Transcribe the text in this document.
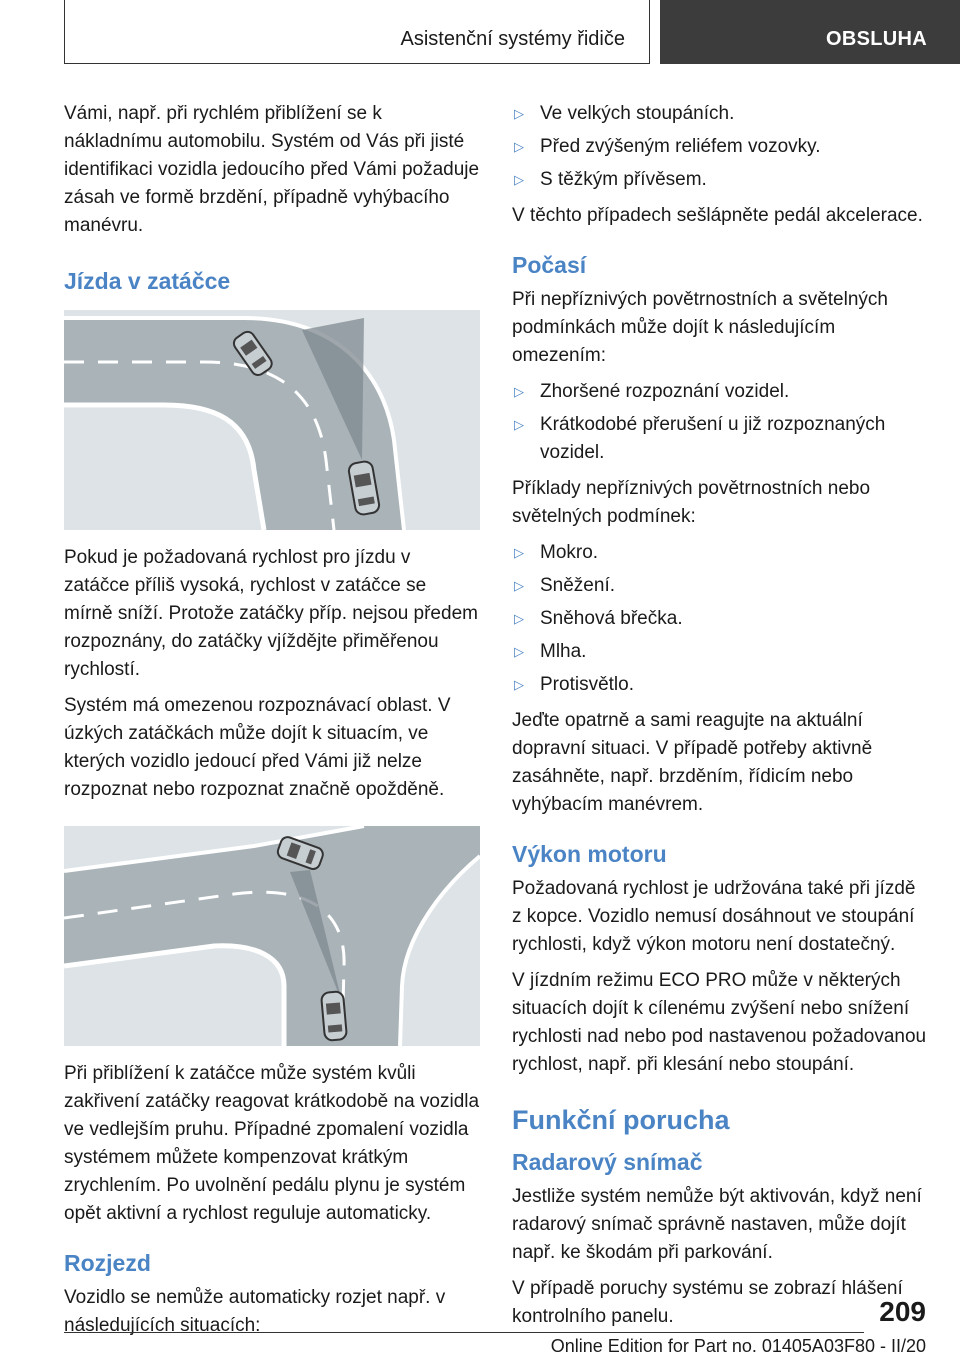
Asistenční systémy řidiče	OBSLUHA

Vámi, např. při rychlém přiblížení se k nákladnímu automobilu. Systém od Vás při jisté identifikaci vozidla jedoucího před Vámi požaduje zásah ve formě brzdění, případně vyhýbacího manévru.

Jízda v zatáčce

Pokud je požadovaná rychlost pro jízdu v zatáčce příliš vysoká, rychlost v zatáčce se mírně sníží. Protože zatáčky příp. nejsou předem rozpoznány, do zatáčky vjíždějte přiměřenou rychlostí.

Systém má omezenou rozpoznávací oblast. V úzkých zatáčkách může dojít k situacím, ve kterých vozidlo jedoucí před Vámi již nelze rozpoznat nebo rozpoznat značně opožděně.

Při přiblížení k zatáčce může systém kvůli zakřivení zatáčky reagovat krátkodobě na vozidla ve vedlejším pruhu. Případné zpomalení vozidla systémem můžete kompenzovat krátkým zrychlením. Po uvolnění pedálu plynu je systém opět aktivní a rychlost reguluje automaticky.

Rozjezd

Vozidlo se nemůže automaticky rozjet např. v následujících situacích:

▷ Ve velkých stoupáních.
▷ Před zvýšeným reliéfem vozovky.
▷ S těžkým přívěsem.

V těchto případech sešlápněte pedál akcelerace.

Počasí

Při nepříznivých povětrnostních a světelných podmínkách může dojít k následujícím omezením:

▷ Zhoršené rozpoznání vozidel.
▷ Krátkodobé přerušení u již rozpoznaných vozidel.

Příklady nepříznivých povětrnostních nebo světelných podmínek:

▷ Mokro.
▷ Sněžení.
▷ Sněhová břečka.
▷ Mlha.
▷ Protisvětlo.

Jeďte opatrně a sami reagujte na aktuální dopravní situaci. V případě potřeby aktivně zasáhněte, např. brzděním, řídicím nebo vyhýbacím manévrem.

Výkon motoru

Požadovaná rychlost je udržována také při jízdě z kopce. Vozidlo nemusí dosáhnout ve stoupání rychlosti, když výkon motoru není dostatečný.

V jízdním režimu ECO PRO může v některých situacích dojít k cílenému zvýšení nebo snížení rychlosti nad nebo pod nastavenou požadovanou rychlost, např. při klesání nebo stoupání.

Funkční porucha
Radarový snímač

Jestliže systém nemůže být aktivován, když není radarový snímač správně nastaven, může dojít např. ke škodám při parkování.

V případě poruchy systému se zobrazí hlášení kontrolního panelu.	209
Online Edition for Part no. 01405A03F80 - II/20
